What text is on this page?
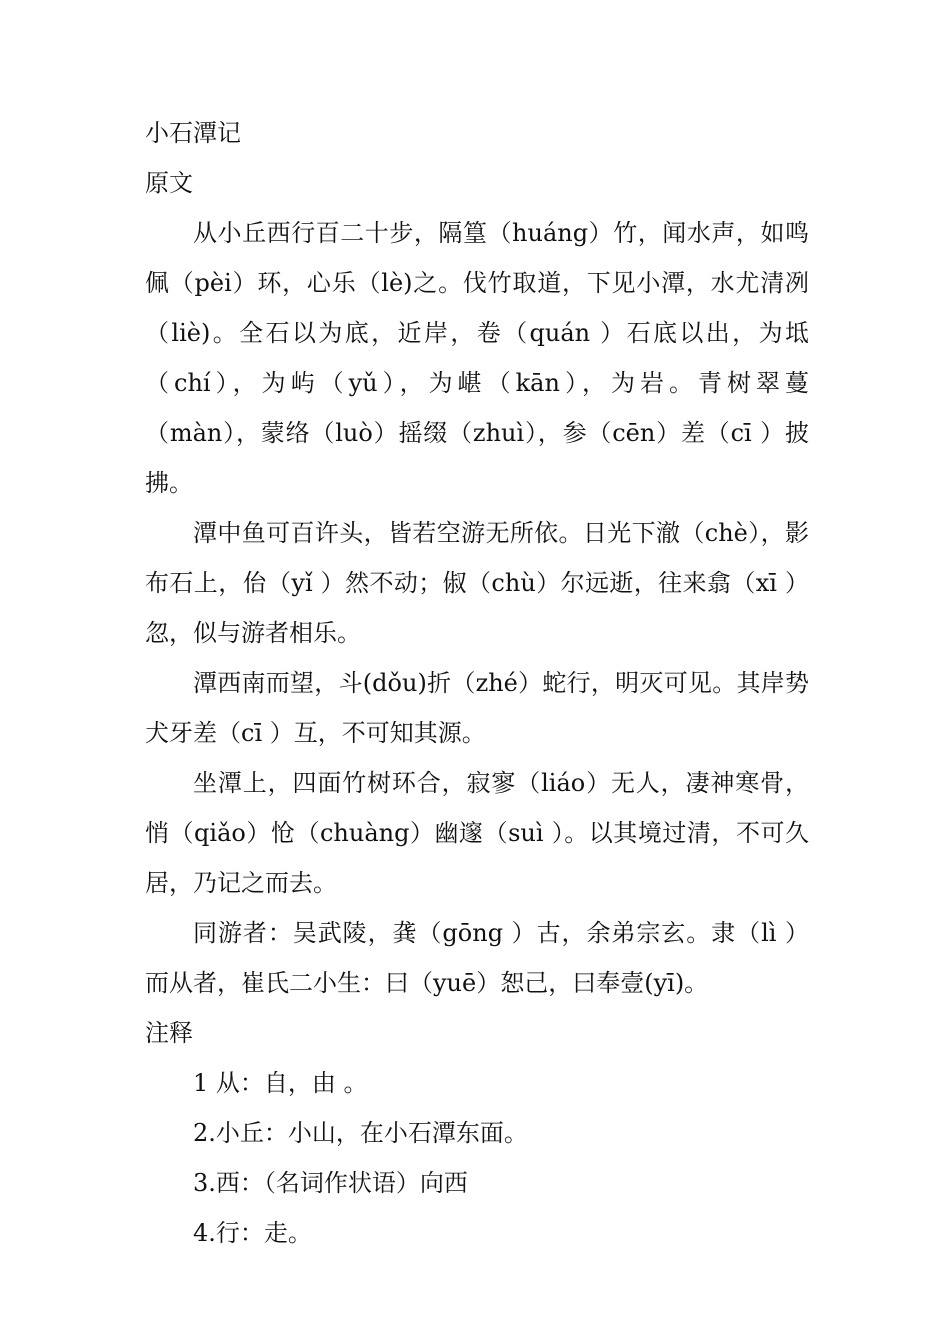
小石潭记
原文

从小丘西行百二十步，隔篁（huáng）竹，闻水声，如鸣佩（pèi）环，心乐（lè)之。伐竹取道，下见小潭，水尤清冽（liè)。全石以为底，近岸，卷（quán ）石底以出，为坻（chí），为屿（yǔ），为嵁（kān），为岩。青树翠蔓（màn），蒙络（luò）摇缀（zhuì），参（cēn）差（cī ）披拂。

潭中鱼可百许头，皆若空游无所依。日光下澈（chè），影布石上，佁（yǐ ）然不动；俶（chù）尔远逝，往来翕（xī ）忽，似与游者相乐。

潭西南而望，斗(dǒu)折（zhé）蛇行，明灭可见。其岸势犬牙差（cī ）互，不可知其源。

坐潭上，四面竹树环合，寂寥（liáo）无人，凄神寒骨，悄（qiǎo）怆（chuàng）幽邃（suì ）。以其境过清，不可久居，乃记之而去。

同游者：吴武陵，龚（gōng ）古，余弟宗玄。隶（lì ）而从者，崔氏二小生：曰（yuē）恕己，曰奉壹(yī)。

注释
1 从：自，由 。
2.小丘：小山，在小石潭东面。
3.西：（名词作状语）向西
4.行：走。
